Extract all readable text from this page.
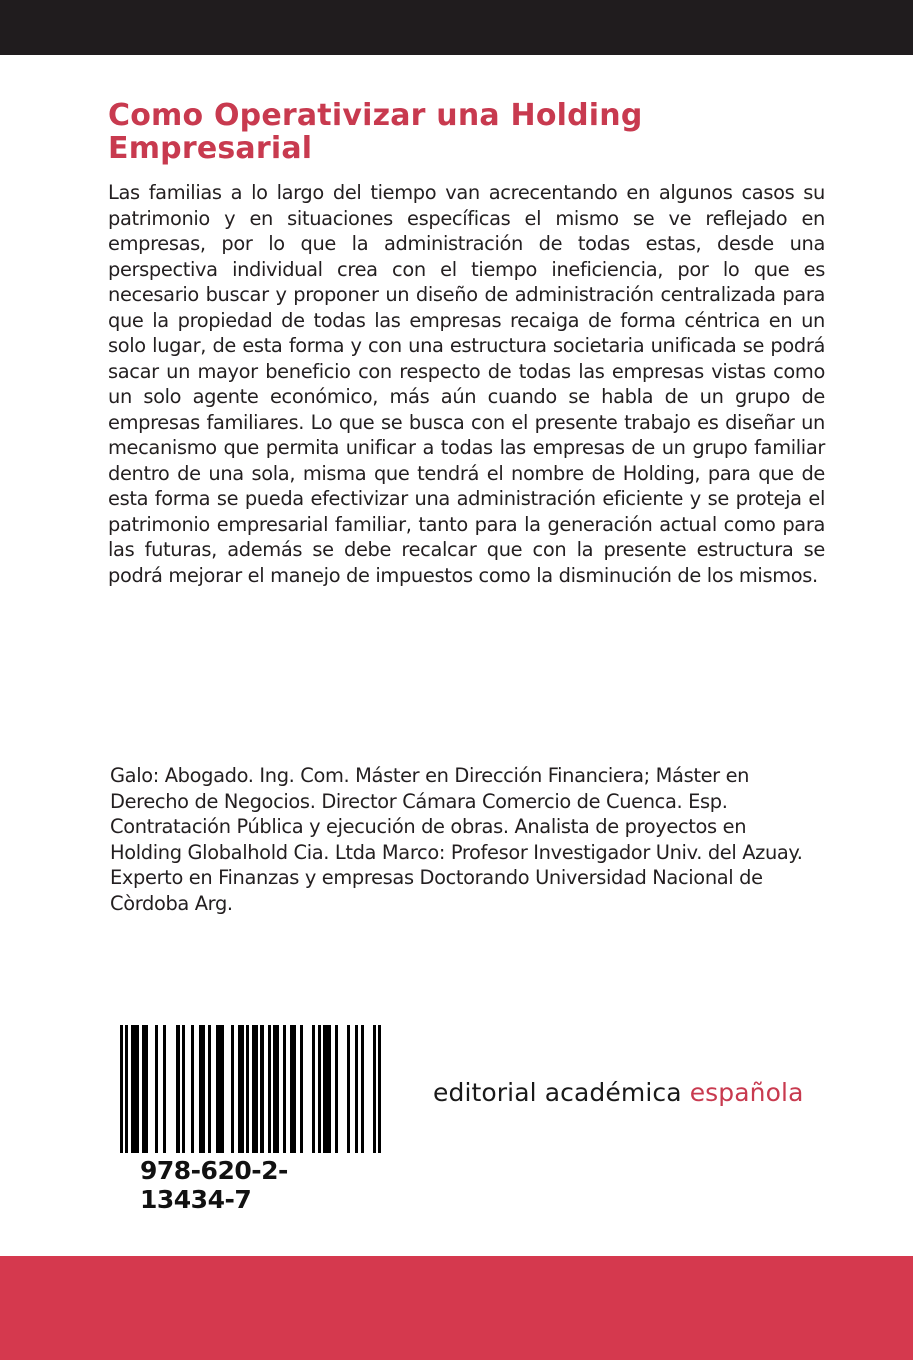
Como Operativizar una Holding Empresarial

Las familias a lo largo del tiempo van acrecentando en algunos casos su patrimonio y en situaciones específicas el mismo se ve reflejado en empresas, por lo que la administración de todas estas, desde una perspectiva individual crea con el tiempo ineficiencia, por lo que es necesario buscar y proponer un diseño de administración centralizada para que la propiedad de todas las empresas recaiga de forma céntrica en un solo lugar, de esta forma y con una estructura societaria unificada se podrá sacar un mayor beneficio con respecto de todas las empresas vistas como un solo agente económico, más aún cuando se habla de un grupo de empresas familiares. Lo que se busca con el presente trabajo es diseñar un mecanismo que permita unificar a todas las empresas de un grupo familiar dentro de una sola, misma que tendrá el nombre de Holding, para que de esta forma se pueda efectivizar una administración eficiente y se proteja el patrimonio empresarial familiar, tanto para la generación actual como para las futuras, además se debe recalcar que con la presente estructura se podrá mejorar el manejo de impuestos como la disminución de los mismos.

Galo: Abogado. Ing. Com. Máster en Dirección Financiera; Máster en Derecho de Negocios. Director Cámara Comercio de Cuenca. Esp. Contratación Pública y ejecución de obras. Analista de proyectos en Holding Globalhold Cia. Ltda Marco: Profesor Investigador Univ. del Azuay. Experto en Finanzas y empresas Doctorando Universidad Nacional de Còrdoba Arg.

978-620-2-13434-7
editorial académica española
